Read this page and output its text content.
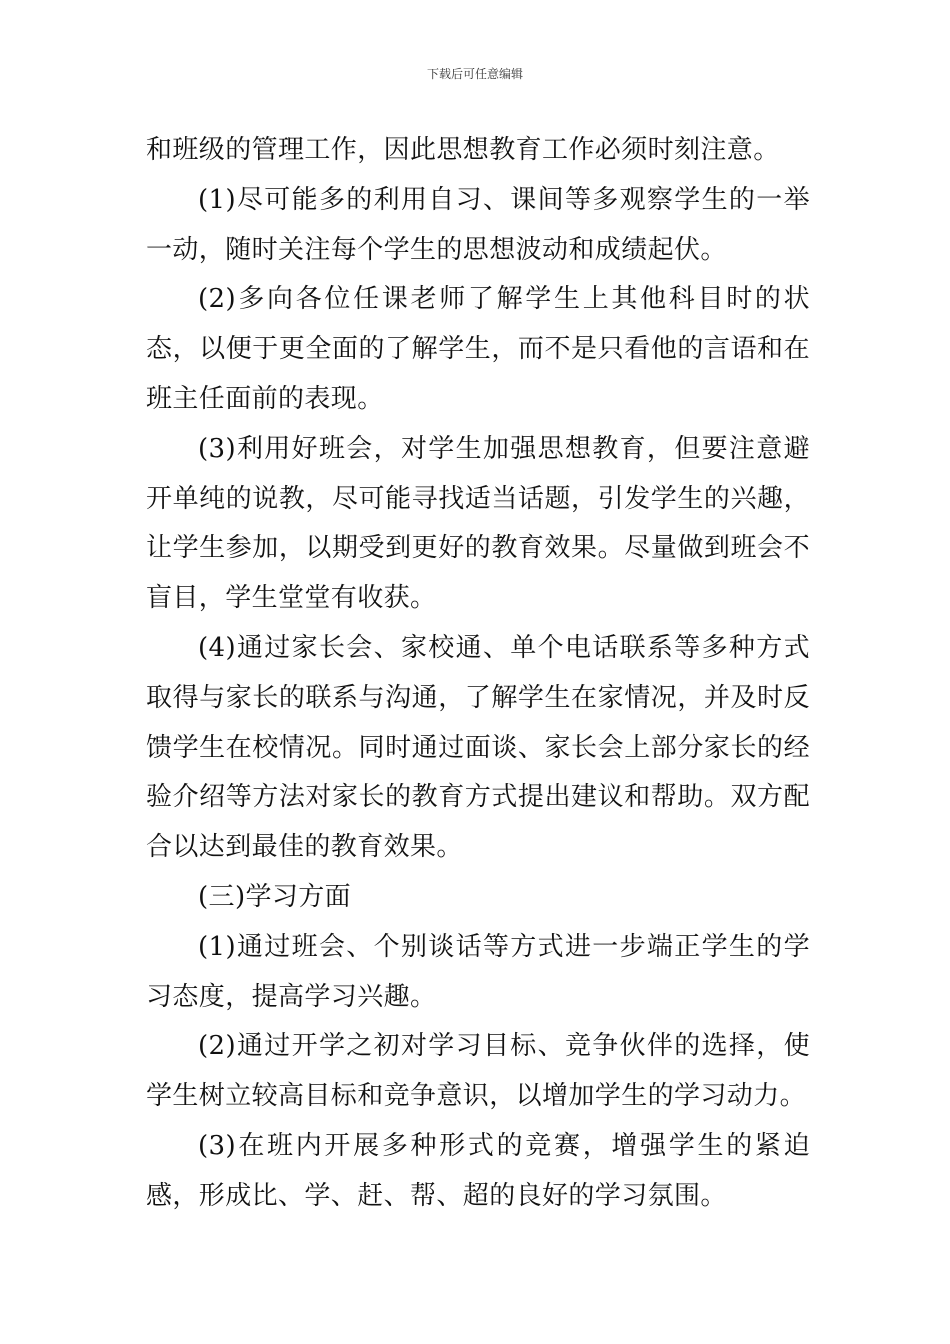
下载后可任意编辑

和班级的管理工作，因此思想教育工作必须时刻注意。

(1)尽可能多的利用自习、课间等多观察学生的一举一动，随时关注每个学生的思想波动和成绩起伏。

(2)多向各位任课老师了解学生上其他科目时的状态，以便于更全面的了解学生，而不是只看他的言语和在班主任面前的表现。

(3)利用好班会，对学生加强思想教育，但要注意避开单纯的说教，尽可能寻找适当话题，引发学生的兴趣，让学生参加，以期受到更好的教育效果。尽量做到班会不盲目，学生堂堂有收获。

(4)通过家长会、家校通、单个电话联系等多种方式取得与家长的联系与沟通，了解学生在家情况，并及时反馈学生在校情况。同时通过面谈、家长会上部分家长的经验介绍等方法对家长的教育方式提出建议和帮助。双方配合以达到最佳的教育效果。

(三)学习方面

(1)通过班会、个别谈话等方式进一步端正学生的学习态度，提高学习兴趣。

(2)通过开学之初对学习目标、竞争伙伴的选择，使学生树立较高目标和竞争意识，以增加学生的学习动力。

(3)在班内开展多种形式的竞赛，增强学生的紧迫感，形成比、学、赶、帮、超的良好的学习氛围。
